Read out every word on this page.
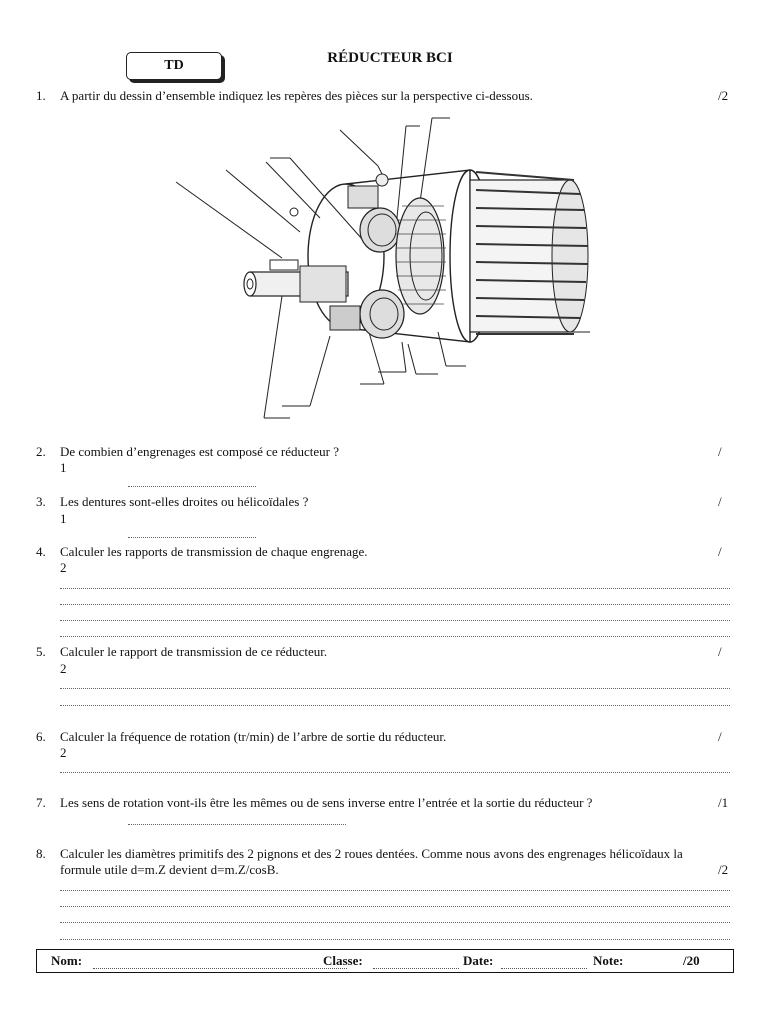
TD	RÉDUCTEUR BCI
1. A partir du dessin d’ensemble indiquez les repères des pièces sur la perspective ci-dessous.	/2
2. De combien d’engrenages est composé ce réducteur ?	/
1
3. Les dentures sont-elles droites ou hélicoïdales ?	/
1
4. Calculer les rapports de transmission de chaque engrenage.	/
2
5. Calculer le rapport de transmission de ce réducteur.	/
2
6. Calculer la fréquence de rotation (tr/min) de l’arbre de sortie du réducteur.	/
2
7. Les sens de rotation vont-ils être les mêmes ou de sens inverse entre l’entrée et la sortie du réducteur ?	/1
8. Calculer les diamètres primitifs des 2 pignons et des 2 roues dentées. Comme nous avons des engrenages hélicoïdaux la formule utile d=m.Z devient d=m.Z/cosB.	/2
Nom:	Classe:	Date:	Note:	/20
